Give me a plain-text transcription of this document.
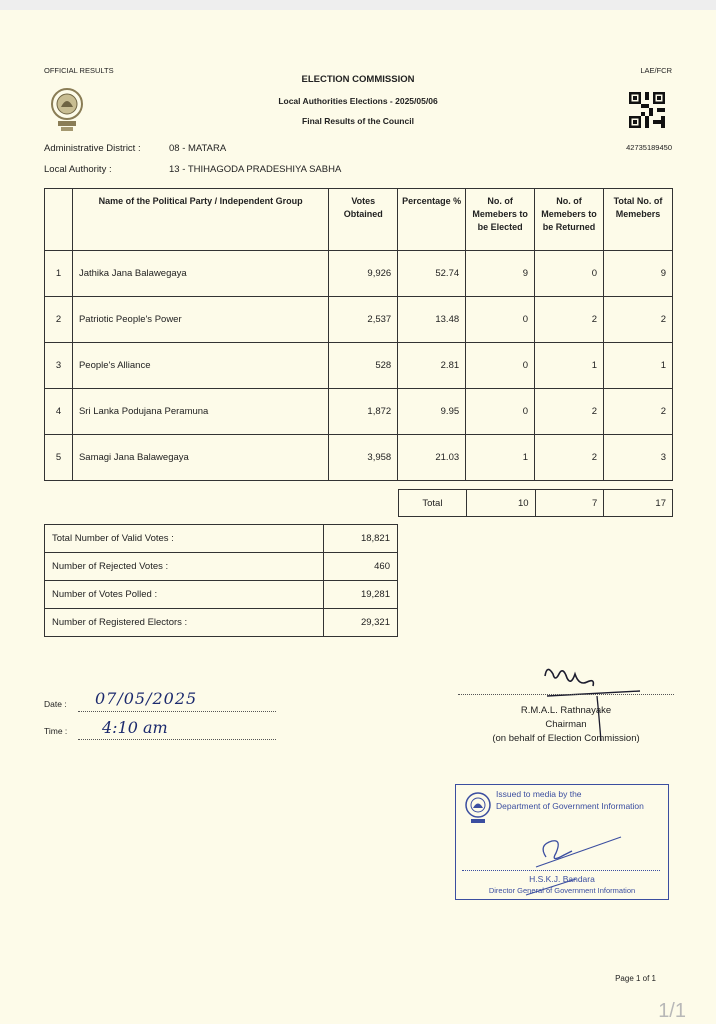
OFFICIAL RESULTS	LAE/FCR
ELECTION COMMISSION
Local Authorities Elections - 2025/05/06
Final Results of the Council
42735189450
Administrative District :	08 - MATARA
Local Authority :	13 - THIHAGODA PRADESHIYA SABHA
	Name of the Political Party / Independent Group	Votes Obtained	Percentage %	No. of Memebers to be Elected	No. of Memebers to be Returned	Total No. of Memebers
1	Jathika Jana Balawegaya	9,926	52.74	9	0	9
2	Patriotic People's Power	2,537	13.48	0	2	2
3	People's Alliance	528	2.81	0	1	1
4	Sri Lanka Podujana Peramuna	1,872	9.95	0	2	2
5	Samagi Jana Balawegaya	3,958	21.03	1	2	3
Total	10	7	17
Total Number of Valid Votes :	18,821
Number of Rejected Votes :	460
Number of Votes Polled :	19,281
Number of Registered Electors :	29,321
Date : 07/05/2025
Time : 4:10 am
R.M.A.L. Rathnayake
Chairman
(on behalf of Election Commission)
Issued to media by the
Department of Government Information
H.S.K.J. Bandara
Director General of Government Information
Page 1 of 1
1/1
